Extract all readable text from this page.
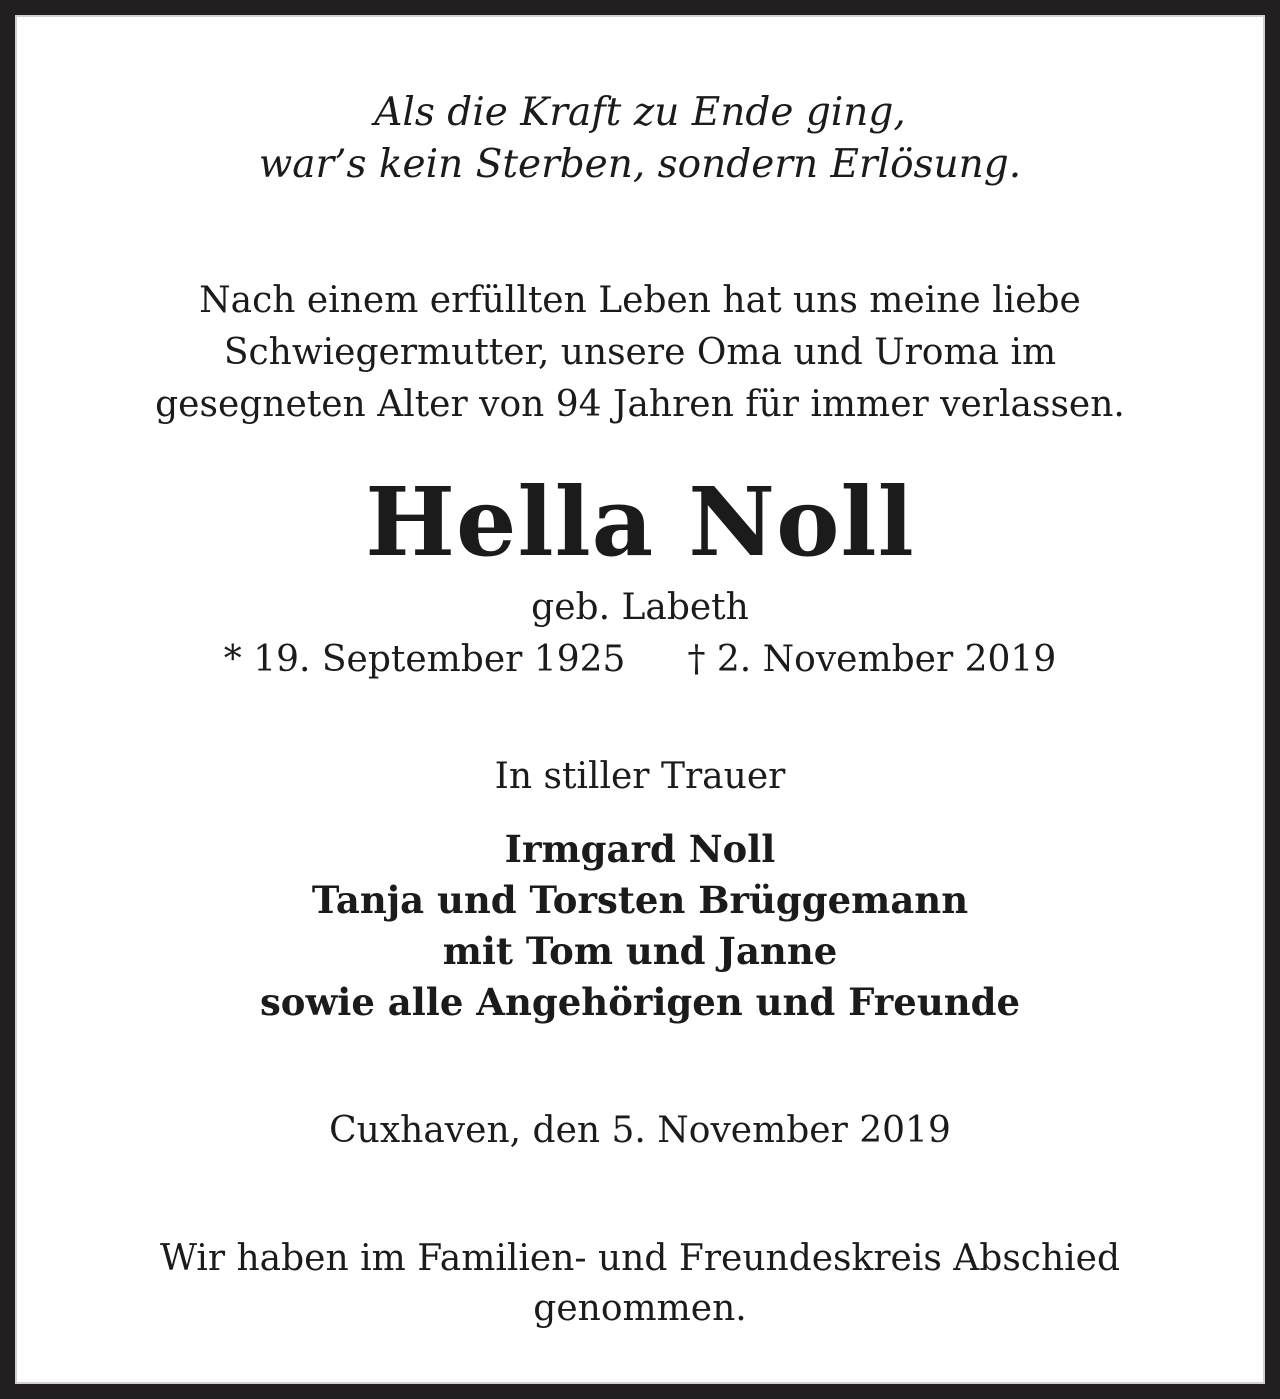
Als die Kraft zu Ende ging,
war’s kein Sterben, sondern Erlösung.
Nach einem erfüllten Leben hat uns meine liebe
Schwiegermutter, unsere Oma und Uroma im
gesegneten Alter von 94 Jahren für immer verlassen.
Hella Noll
geb. Labeth
* 19. September 1925 † 2. November 2019
In stiller Trauer
Irmgard Noll
Tanja und Torsten Brüggemann
mit Tom und Janne
sowie alle Angehörigen und Freunde
Cuxhaven, den 5. November 2019
Wir haben im Familien- und Freundeskreis Abschied
genommen.
